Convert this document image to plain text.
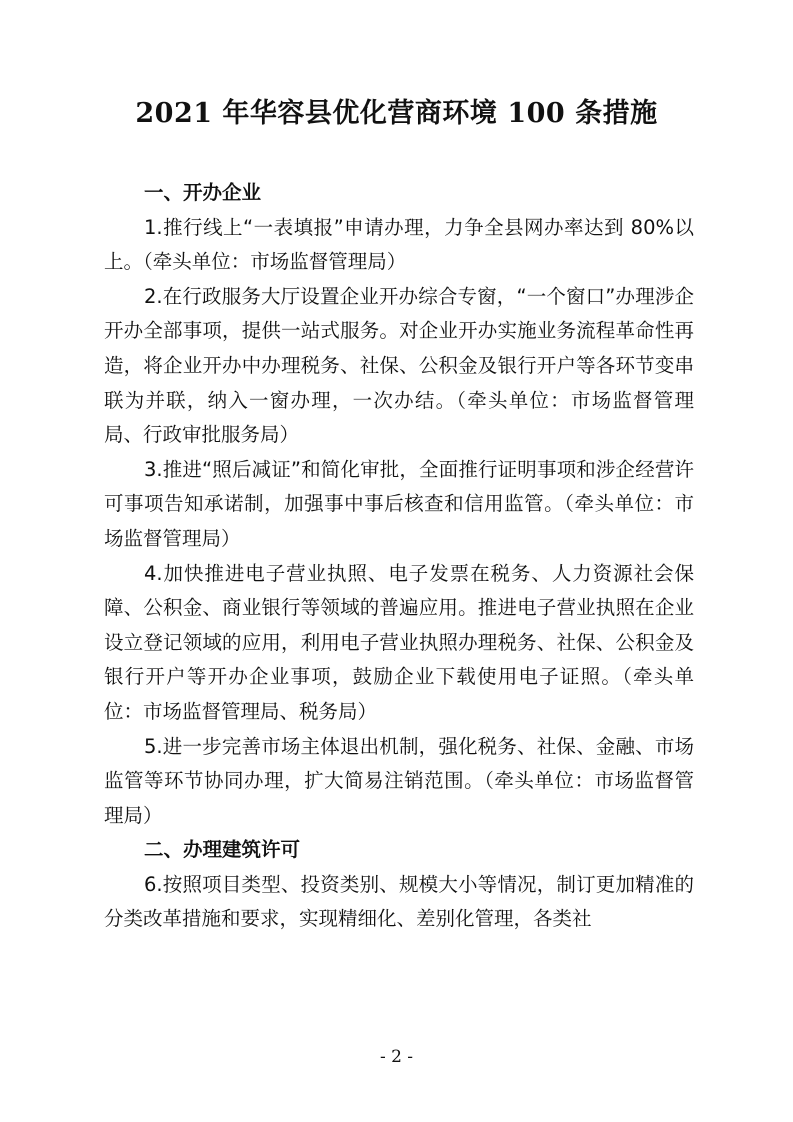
2021 年华容县优化营商环境 100 条措施

一、开办企业

1.推行线上“一表填报”申请办理，力争全县网办率达到 80%以上。（牵头单位：市场监督管理局）

2.在行政服务大厅设置企业开办综合专窗，“一个窗口”办理涉企开办全部事项，提供一站式服务。对企业开办实施业务流程革命性再造，将企业开办中办理税务、社保、公积金及银行开户等各环节变串联为并联，纳入一窗办理，一次办结。（牵头单位：市场监督管理局、行政审批服务局）

3.推进“照后减证”和简化审批，全面推行证明事项和涉企经营许可事项告知承诺制，加强事中事后核查和信用监管。（牵头单位：市场监督管理局）

4.加快推进电子营业执照、电子发票在税务、人力资源社会保障、公积金、商业银行等领域的普遍应用。推进电子营业执照在企业设立登记领域的应用，利用电子营业执照办理税务、社保、公积金及银行开户等开办企业事项，鼓励企业下载使用电子证照。（牵头单位：市场监督管理局、税务局）

5.进一步完善市场主体退出机制，强化税务、社保、金融、市场监管等环节协同办理，扩大简易注销范围。（牵头单位：市场监督管理局）

二、办理建筑许可

6.按照项目类型、投资类别、规模大小等情况，制订更加精准的分类改革措施和要求，实现精细化、差别化管理，各类社

- 2 -
